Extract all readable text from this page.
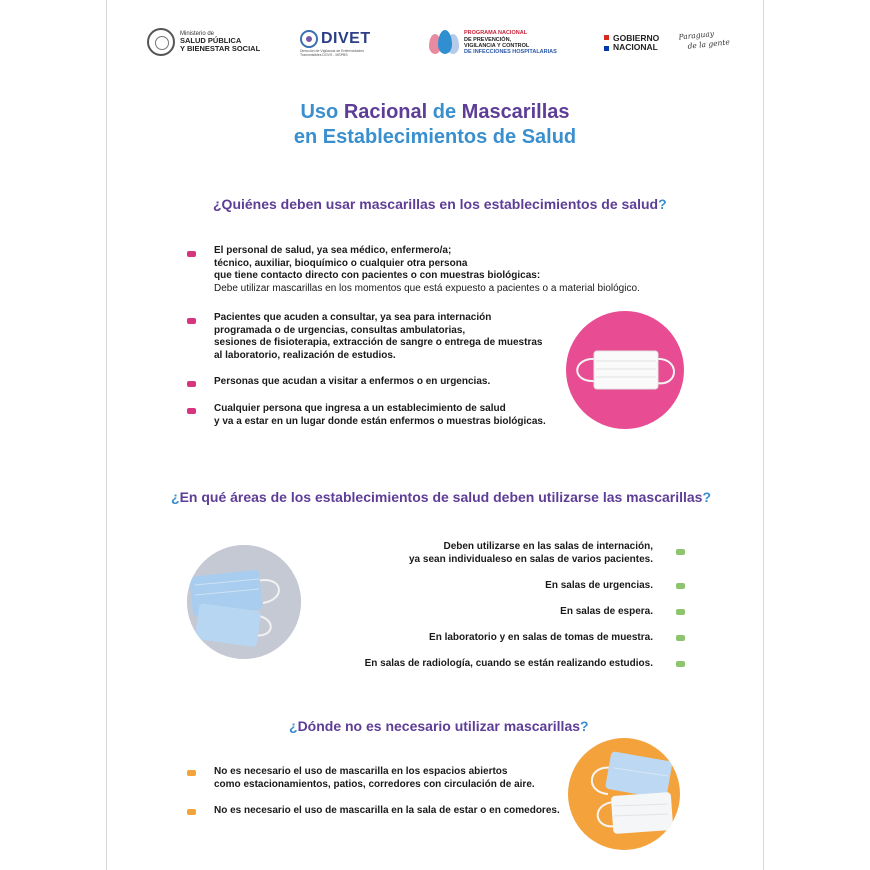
Ministerio de
SALUD PÚBLICA
Y BIENESTAR SOCIAL
DIVET
Dirección de Vigilancia de Enfermedades Transmisibles DGVS - MSPBS
PROGRAMA NACIONAL
DE PREVENCIÓN,
VIGILANCIA Y CONTROL
DE INFECCIONES HOSPITALARIAS
GOBIERNO
NACIONAL
Paraguay
de la gente
Uso Racional de Mascarillas
en Establecimientos de Salud
¿Quiénes deben usar mascarillas en los establecimientos de salud?
El personal de salud, ya sea médico, enfermero/a;
técnico, auxiliar, bioquímico o cualquier otra persona
que tiene contacto directo con pacientes o con muestras biológicas:
Debe utilizar mascarillas en los momentos que está expuesto a pacientes o a material biológico.
Pacientes que acuden a consultar, ya sea para internación
programada o de urgencias, consultas ambulatorias,
sesiones de fisioterapia, extracción de sangre o entrega de muestras
al laboratorio, realización de estudios.
Personas que acudan a visitar a enfermos o en urgencias.
Cualquier persona que ingresa a un establecimiento de salud
y va a estar en un lugar donde están enfermos o muestras biológicas.
¿En qué áreas de los establecimientos de salud deben utilizarse las mascarillas?
Deben utilizarse en las salas de internación,
ya sean individualeso en salas de varios pacientes.
En salas de urgencias.
En salas de espera.
En laboratorio y en salas de tomas de muestra.
En salas de radiología, cuando se están realizando estudios.
¿Dónde no es necesario utilizar mascarillas?
No es necesario el uso de mascarilla en los espacios abiertos
como estacionamientos, patios, corredores con circulación de aire.
No es necesario el uso de mascarilla en la sala de estar o en comedores.
